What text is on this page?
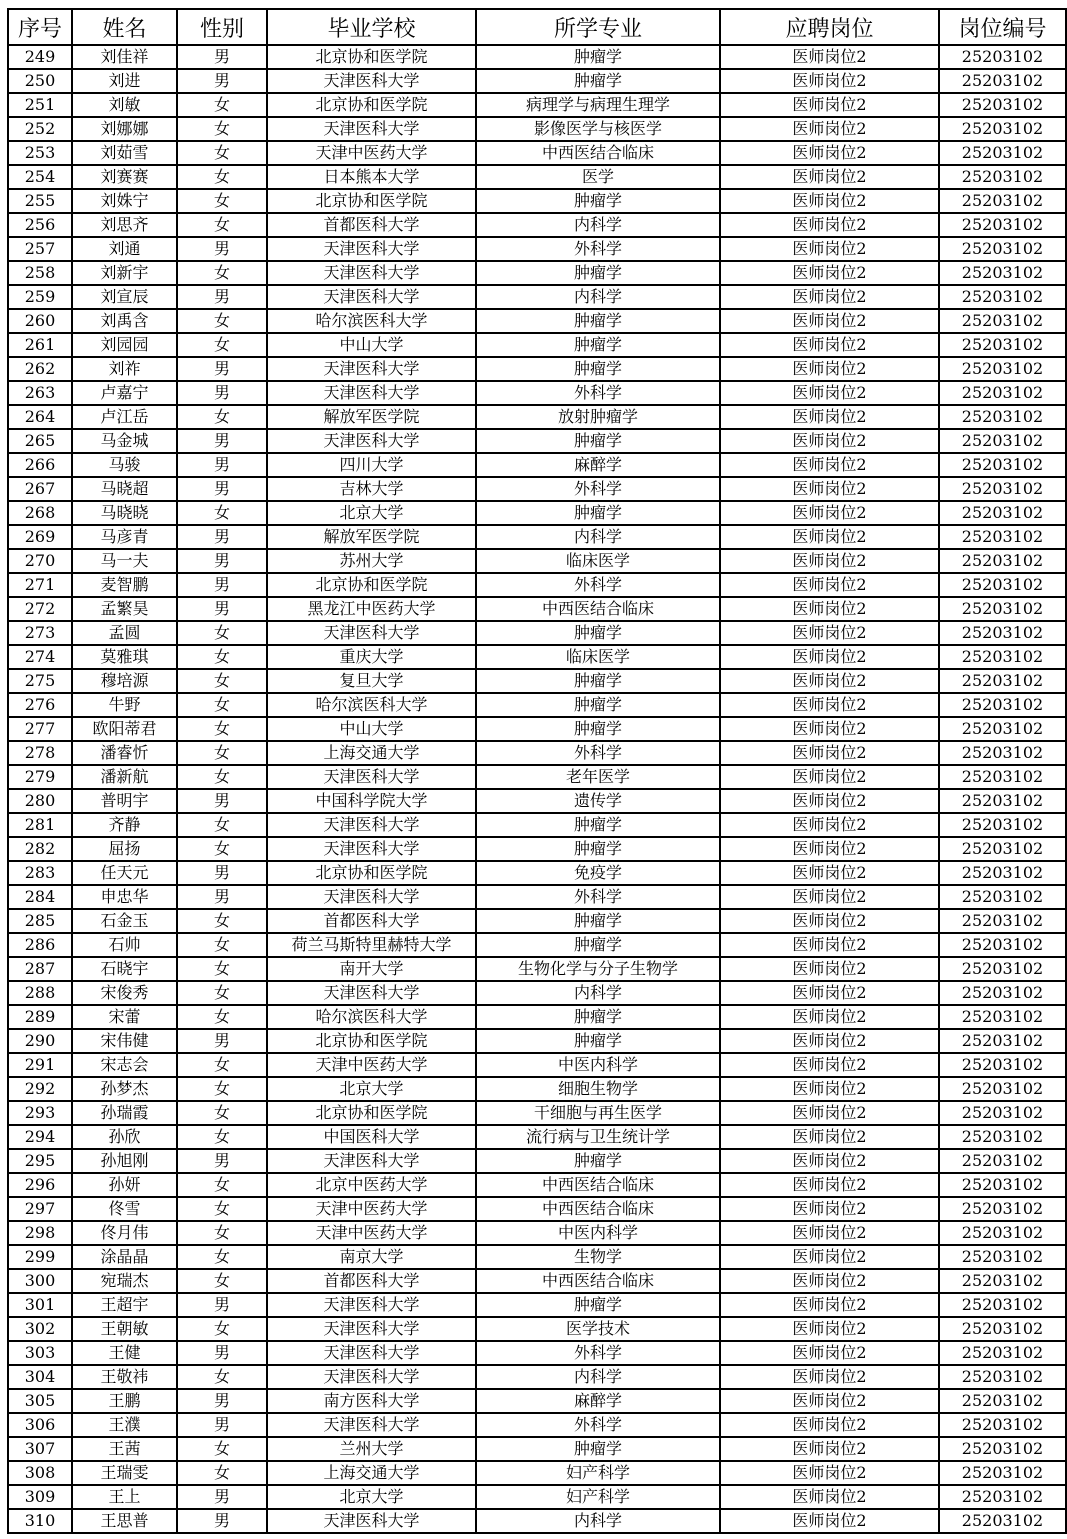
序号	姓名	性别	毕业学校	所学专业	应聘岗位	岗位编号
249	刘佳祥	男	北京协和医学院	肿瘤学	医师岗位2	25203102
250	刘进	男	天津医科大学	肿瘤学	医师岗位2	25203102
251	刘敏	女	北京协和医学院	病理学与病理生理学	医师岗位2	25203102
252	刘娜娜	女	天津医科大学	影像医学与核医学	医师岗位2	25203102
253	刘茹雪	女	天津中医药大学	中西医结合临床	医师岗位2	25203102
254	刘赛赛	女	日本熊本大学	医学	医师岗位2	25203102
255	刘姝宁	女	北京协和医学院	肿瘤学	医师岗位2	25203102
256	刘思齐	女	首都医科大学	内科学	医师岗位2	25203102
257	刘通	男	天津医科大学	外科学	医师岗位2	25203102
258	刘新宇	女	天津医科大学	肿瘤学	医师岗位2	25203102
259	刘宣辰	男	天津医科大学	内科学	医师岗位2	25203102
260	刘禹含	女	哈尔滨医科大学	肿瘤学	医师岗位2	25203102
261	刘园园	女	中山大学	肿瘤学	医师岗位2	25203102
262	刘祚	男	天津医科大学	肿瘤学	医师岗位2	25203102
263	卢嘉宁	男	天津医科大学	外科学	医师岗位2	25203102
264	卢江岳	女	解放军医学院	放射肿瘤学	医师岗位2	25203102
265	马金城	男	天津医科大学	肿瘤学	医师岗位2	25203102
266	马骏	男	四川大学	麻醉学	医师岗位2	25203102
267	马晓超	男	吉林大学	外科学	医师岗位2	25203102
268	马晓晓	女	北京大学	肿瘤学	医师岗位2	25203102
269	马彦青	男	解放军医学院	内科学	医师岗位2	25203102
270	马一夫	男	苏州大学	临床医学	医师岗位2	25203102
271	麦智鹏	男	北京协和医学院	外科学	医师岗位2	25203102
272	孟繁昊	男	黑龙江中医药大学	中西医结合临床	医师岗位2	25203102
273	孟圆	女	天津医科大学	肿瘤学	医师岗位2	25203102
274	莫雅琪	女	重庆大学	临床医学	医师岗位2	25203102
275	穆培源	女	复旦大学	肿瘤学	医师岗位2	25203102
276	牛野	女	哈尔滨医科大学	肿瘤学	医师岗位2	25203102
277	欧阳蒂君	女	中山大学	肿瘤学	医师岗位2	25203102
278	潘睿忻	女	上海交通大学	外科学	医师岗位2	25203102
279	潘新航	女	天津医科大学	老年医学	医师岗位2	25203102
280	普明宇	男	中国科学院大学	遗传学	医师岗位2	25203102
281	齐静	女	天津医科大学	肿瘤学	医师岗位2	25203102
282	屈扬	女	天津医科大学	肿瘤学	医师岗位2	25203102
283	任天元	男	北京协和医学院	免疫学	医师岗位2	25203102
284	申忠华	男	天津医科大学	外科学	医师岗位2	25203102
285	石金玉	女	首都医科大学	肿瘤学	医师岗位2	25203102
286	石帅	女	荷兰马斯特里赫特大学	肿瘤学	医师岗位2	25203102
287	石晓宇	女	南开大学	生物化学与分子生物学	医师岗位2	25203102
288	宋俊秀	女	天津医科大学	内科学	医师岗位2	25203102
289	宋蕾	女	哈尔滨医科大学	肿瘤学	医师岗位2	25203102
290	宋伟健	男	北京协和医学院	肿瘤学	医师岗位2	25203102
291	宋志会	女	天津中医药大学	中医内科学	医师岗位2	25203102
292	孙梦杰	女	北京大学	细胞生物学	医师岗位2	25203102
293	孙瑞霞	女	北京协和医学院	干细胞与再生医学	医师岗位2	25203102
294	孙欣	女	中国医科大学	流行病与卫生统计学	医师岗位2	25203102
295	孙旭刚	男	天津医科大学	肿瘤学	医师岗位2	25203102
296	孙妍	女	北京中医药大学	中西医结合临床	医师岗位2	25203102
297	佟雪	女	天津中医药大学	中西医结合临床	医师岗位2	25203102
298	佟月伟	女	天津中医药大学	中医内科学	医师岗位2	25203102
299	涂晶晶	女	南京大学	生物学	医师岗位2	25203102
300	宛瑞杰	女	首都医科大学	中西医结合临床	医师岗位2	25203102
301	王超宇	男	天津医科大学	肿瘤学	医师岗位2	25203102
302	王朝敏	女	天津医科大学	医学技术	医师岗位2	25203102
303	王健	男	天津医科大学	外科学	医师岗位2	25203102
304	王敬祎	女	天津医科大学	内科学	医师岗位2	25203102
305	王鹏	男	南方医科大学	麻醉学	医师岗位2	25203102
306	王濮	男	天津医科大学	外科学	医师岗位2	25203102
307	王茜	女	兰州大学	肿瘤学	医师岗位2	25203102
308	王瑞雯	女	上海交通大学	妇产科学	医师岗位2	25203102
309	王上	男	北京大学	妇产科学	医师岗位2	25203102
310	王思普	男	天津医科大学	内科学	医师岗位2	25203102
